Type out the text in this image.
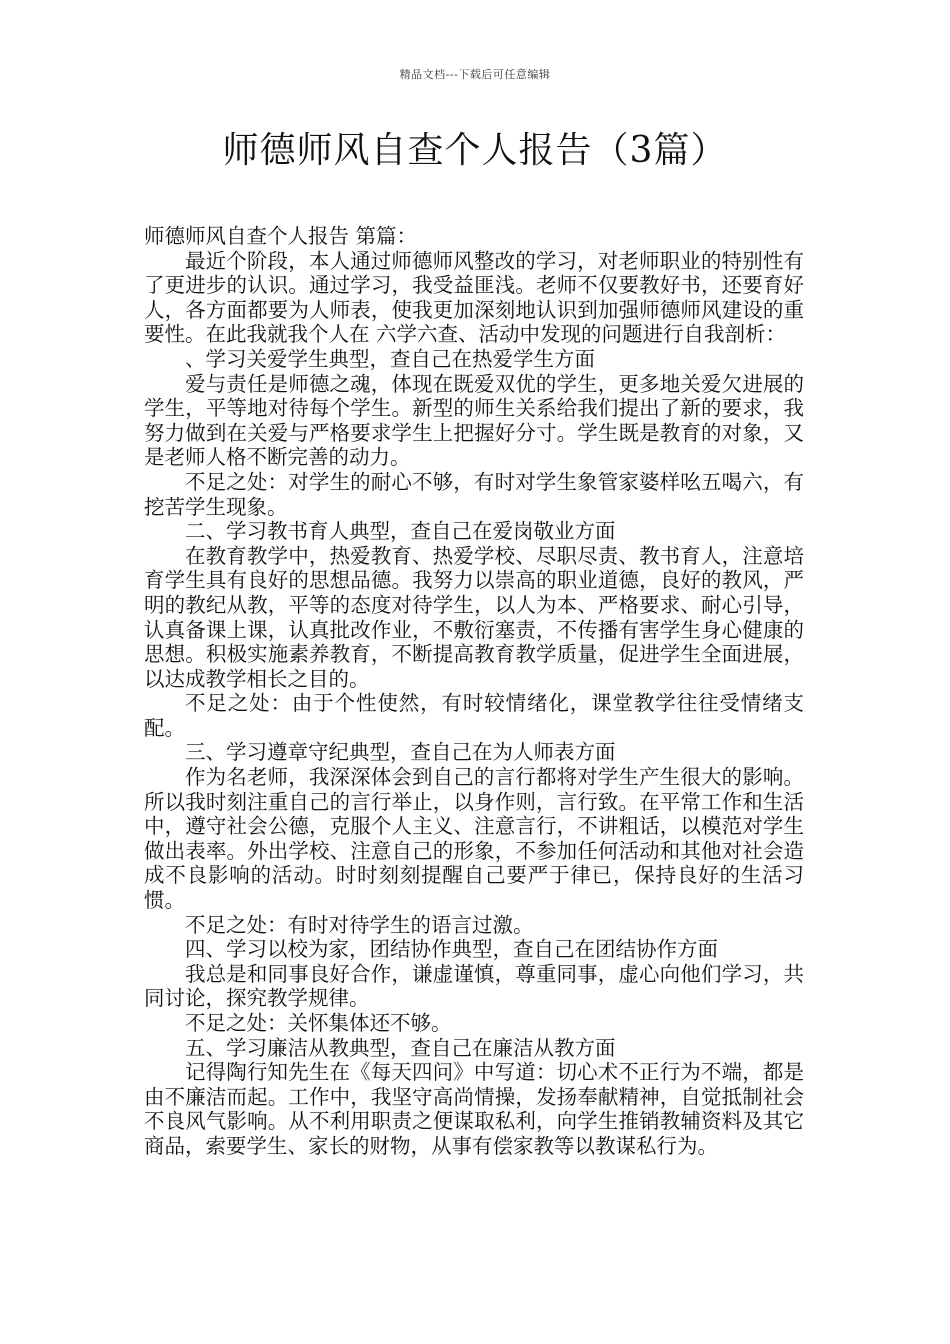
精品文档---下载后可任意编辑
师德师风自查个人报告（3篇）

师德师风自查个人报告 第篇：

最近个阶段，本人通过师德师风整改的学习，对老师职业的特别性有了更进步的认识。通过学习，我受益匪浅。老师不仅要教好书，还要育好人，各方面都要为人师表，使我更加深刻地认识到加强师德师风建设的重要性。在此我就我个人在 六学六查、活动中发现的问题进行自我剖析：

、学习关爱学生典型，查自己在热爱学生方面

爱与责任是师德之魂，体现在既爱双优的学生，更多地关爱欠进展的学生，平等地对待每个学生。新型的师生关系给我们提出了新的要求，我努力做到在关爱与严格要求学生上把握好分寸。学生既是教育的对象，又是老师人格不断完善的动力。

不足之处：对学生的耐心不够，有时对学生象管家婆样吆五喝六，有挖苦学生现象。

二、学习教书育人典型，查自己在爱岗敬业方面

在教育教学中，热爱教育、热爱学校、尽职尽责、教书育人，注意培育学生具有良好的思想品德。我努力以崇高的职业道德，良好的教风，严明的教纪从教，平等的态度对待学生，以人为本、严格要求、耐心引导，认真备课上课，认真批改作业，不敷衍塞责，不传播有害学生身心健康的思想。积极实施素养教育，不断提高教育教学质量，促进学生全面进展，以达成教学相长之目的。

不足之处：由于个性使然，有时较情绪化，课堂教学往往受情绪支配。

三、学习遵章守纪典型，查自己在为人师表方面

作为名老师，我深深体会到自己的言行都将对学生产生很大的影响。所以我时刻注重自己的言行举止，以身作则，言行致。在平常工作和生活中，遵守社会公德，克服个人主义、注意言行，不讲粗话，以模范对学生做出表率。外出学校、注意自己的形象，不参加任何活动和其他对社会造成不良影响的活动。时时刻刻提醒自己要严于律已，保持良好的生活习惯。

不足之处：有时对待学生的语言过激。

四、学习以校为家，团结协作典型，查自己在团结协作方面

我总是和同事良好合作，谦虚谨慎，尊重同事，虚心向他们学习，共同讨论，探究教学规律。

不足之处：关怀集体还不够。

五、学习廉洁从教典型，查自己在廉洁从教方面

记得陶行知先生在《每天四问》中写道：切心术不正行为不端，都是由不廉洁而起。工作中，我坚守高尚情操，发扬奉献精神，自觉抵制社会不良风气影响。从不利用职责之便谋取私利，向学生推销教辅资料及其它商品，索要学生、家长的财物，从事有偿家教等以教谋私行为。
